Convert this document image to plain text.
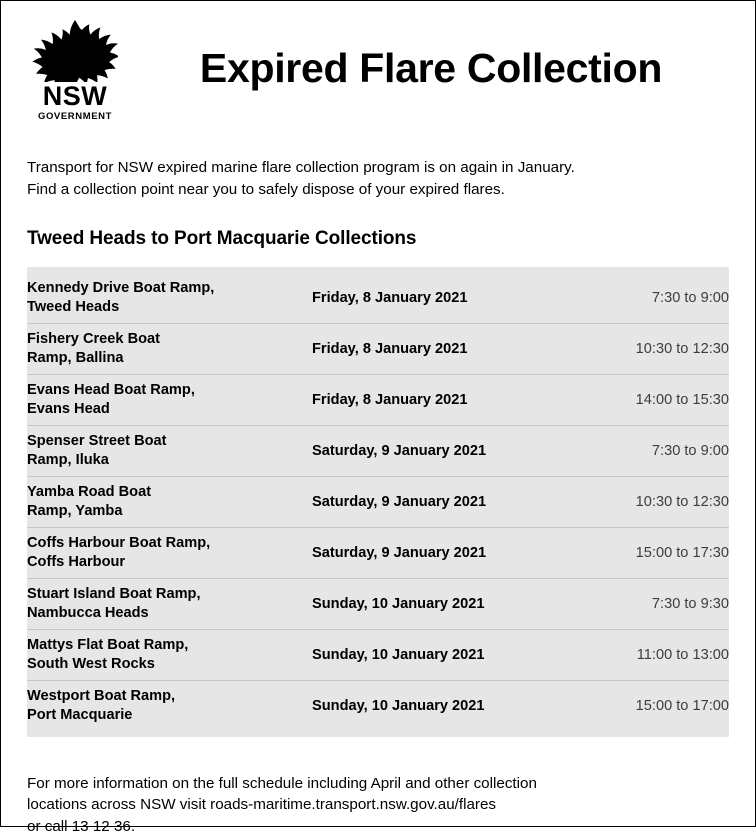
NSW
GOVERNMENT
Expired Flare Collection

Transport for NSW expired marine flare collection program is on again in January.

Find a collection point near you to safely dispose of your expired flares.

Tweed Heads to Port Macquarie Collections
Kennedy Drive Boat Ramp,
Tweed Heads	Friday, 8 January 2021	7:30 to 9:00

Fishery Creek Boat
Ramp, Ballina	Friday, 8 January 2021	10:30 to 12:30

Evans Head Boat Ramp,
Evans Head	Friday, 8 January 2021	14:00 to 15:30

Spenser Street Boat
Ramp, Iluka	Saturday, 9 January 2021	7:30 to 9:00

Yamba Road Boat
Ramp, Yamba	Saturday, 9 January 2021	10:30 to 12:30

Coffs Harbour Boat Ramp,
Coffs Harbour	Saturday, 9 January 2021	15:00 to 17:30

Stuart Island Boat Ramp,
Nambucca Heads	Sunday, 10 January 2021	7:30 to 9:30

Mattys Flat Boat Ramp,
South West Rocks	Sunday, 10 January 2021	11:00 to 13:00

Westport Boat Ramp,
Port Macquarie	Sunday, 10 January 2021	15:00 to 17:00

For more information on the full schedule including April and other collection

locations across NSW visit roads-maritime.transport.nsw.gov.au/flares

or call 13 12 36.
